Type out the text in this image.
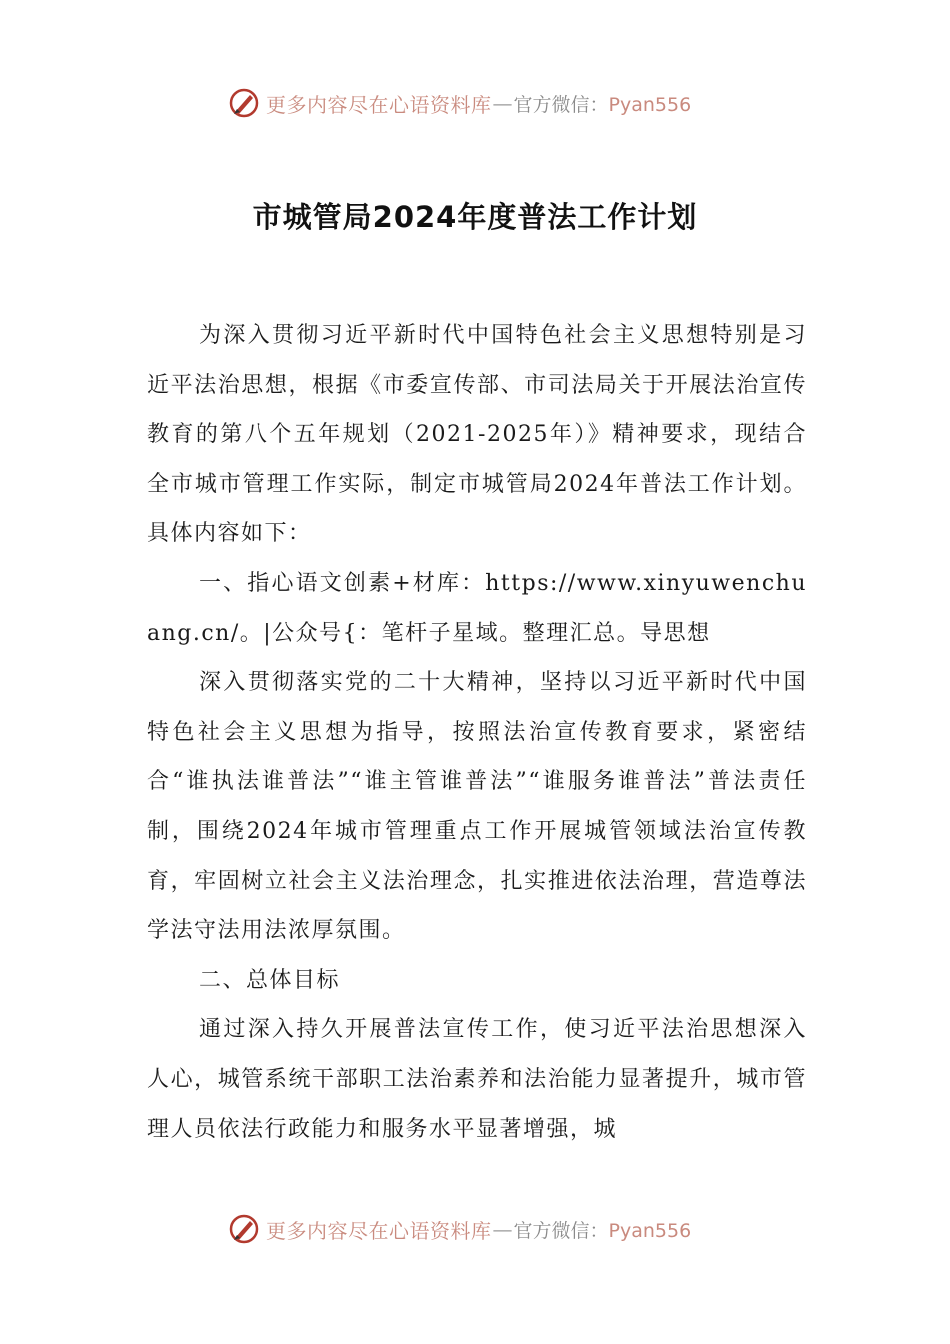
更多内容尽在心语资料库 — 官方微信：Pyan556
市城管局2024年度普法工作计划

为深入贯彻习近平新时代中国特色社会主义思想特别是习近平法治思想，根据《市委宣传部、市司法局关于开展法治宣传教育的第八个五年规划（2021-2025年）》精神要求，现结合全市城市管理工作实际，制定市城管局2024年普法工作计划。具体内容如下：

一、指心语文创素+材库：https://www.xinyuwenchuang.cn/。|公众号{：笔杆子星域。整理汇总。导思想

深入贯彻落实党的二十大精神，坚持以习近平新时代中国特色社会主义思想为指导，按照法治宣传教育要求，紧密结合“谁执法谁普法”“谁主管谁普法”“谁服务谁普法”普法责任制，围绕2024年城市管理重点工作开展城管领域法治宣传教育，牢固树立社会主义法治理念，扎实推进依法治理，营造尊法学法守法用法浓厚氛围。

二、总体目标

通过深入持久开展普法宣传工作，使习近平法治思想深入人心，城管系统干部职工法治素养和法治能力显著提升，城市管理人员依法行政能力和服务水平显著增强，城

更多内容尽在心语资料库 — 官方微信：Pyan556
